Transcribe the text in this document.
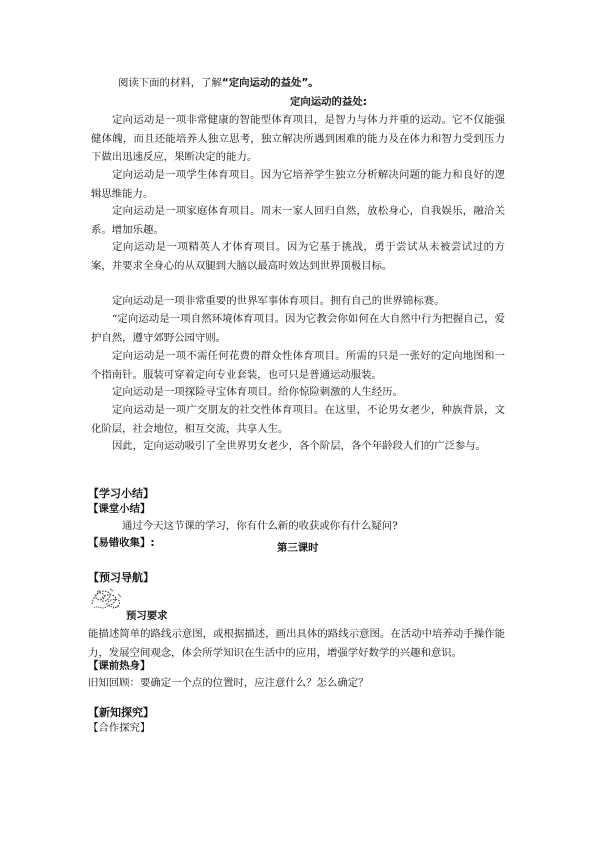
阅读下面的材料，了解“定向运动的益处”。
定向运动的益处:
定向运动是一项非常健康的智能型体育项目，是智力与体力并重的运动。它不仅能强健体魄，而且还能培养人独立思考，独立解决所遇到困难的能力及在体力和智力受到压力下做出迅速反应，果断决定的能力。
定向运动是一项学生体育项目。因为它培养学生独立分析解决问题的能力和良好的逻辑思维能力。
定向运动是一项家庭体育项目。周末一家人回归自然，放松身心，自我娱乐，融洽关系。增加乐趣。
定向运动是一项精英人才体育项目。因为它基于挑战，勇于尝试从未被尝试过的方案，并要求全身心的从双腿到大脑以最高时效达到世界顶极目标。
定向运动是一项非常重要的世界军事体育项目。拥有自己的世界锦标赛。
“定向运动是一项自然环境体育项目。因为它教会你如何在大自然中行为把握自己，爱护自然，遵守郊野公园守则。
定向运动是一项不需任何花费的群众性体育项目。所需的只是一张好的定向地图和一个指南针。服装可穿着定向专业套装，也可只是普通运动服装。
定向运动是一项探险寻宝体育项目。给你惊险刺激的人生经历。
定向运动是一项广交朋友的社交性体育项目。在这里，不论男女老少，种族背景，文化阶层，社会地位，相互交流，共享人生。
因此，定向运动吸引了全世界男女老少，各个阶层，各个年龄段人们的广泛参与。
【学习小结】
【课堂小结】
通过今天这节课的学习，你有什么新的收获或你有什么疑问?
【易错收集】:	第三课时
【预习导航】
预习要求
能描述简单的路线示意图，或根据描述，画出具体的路线示意图。在活动中培养动手操作能力，发展空间观念，体会所学知识在生活中的应用，增强学好数学的兴趣和意识。
【课前热身】
旧知回顾：要确定一个点的位置时，应注意什么？怎么确定？
【新知探究】
【合作探究】
